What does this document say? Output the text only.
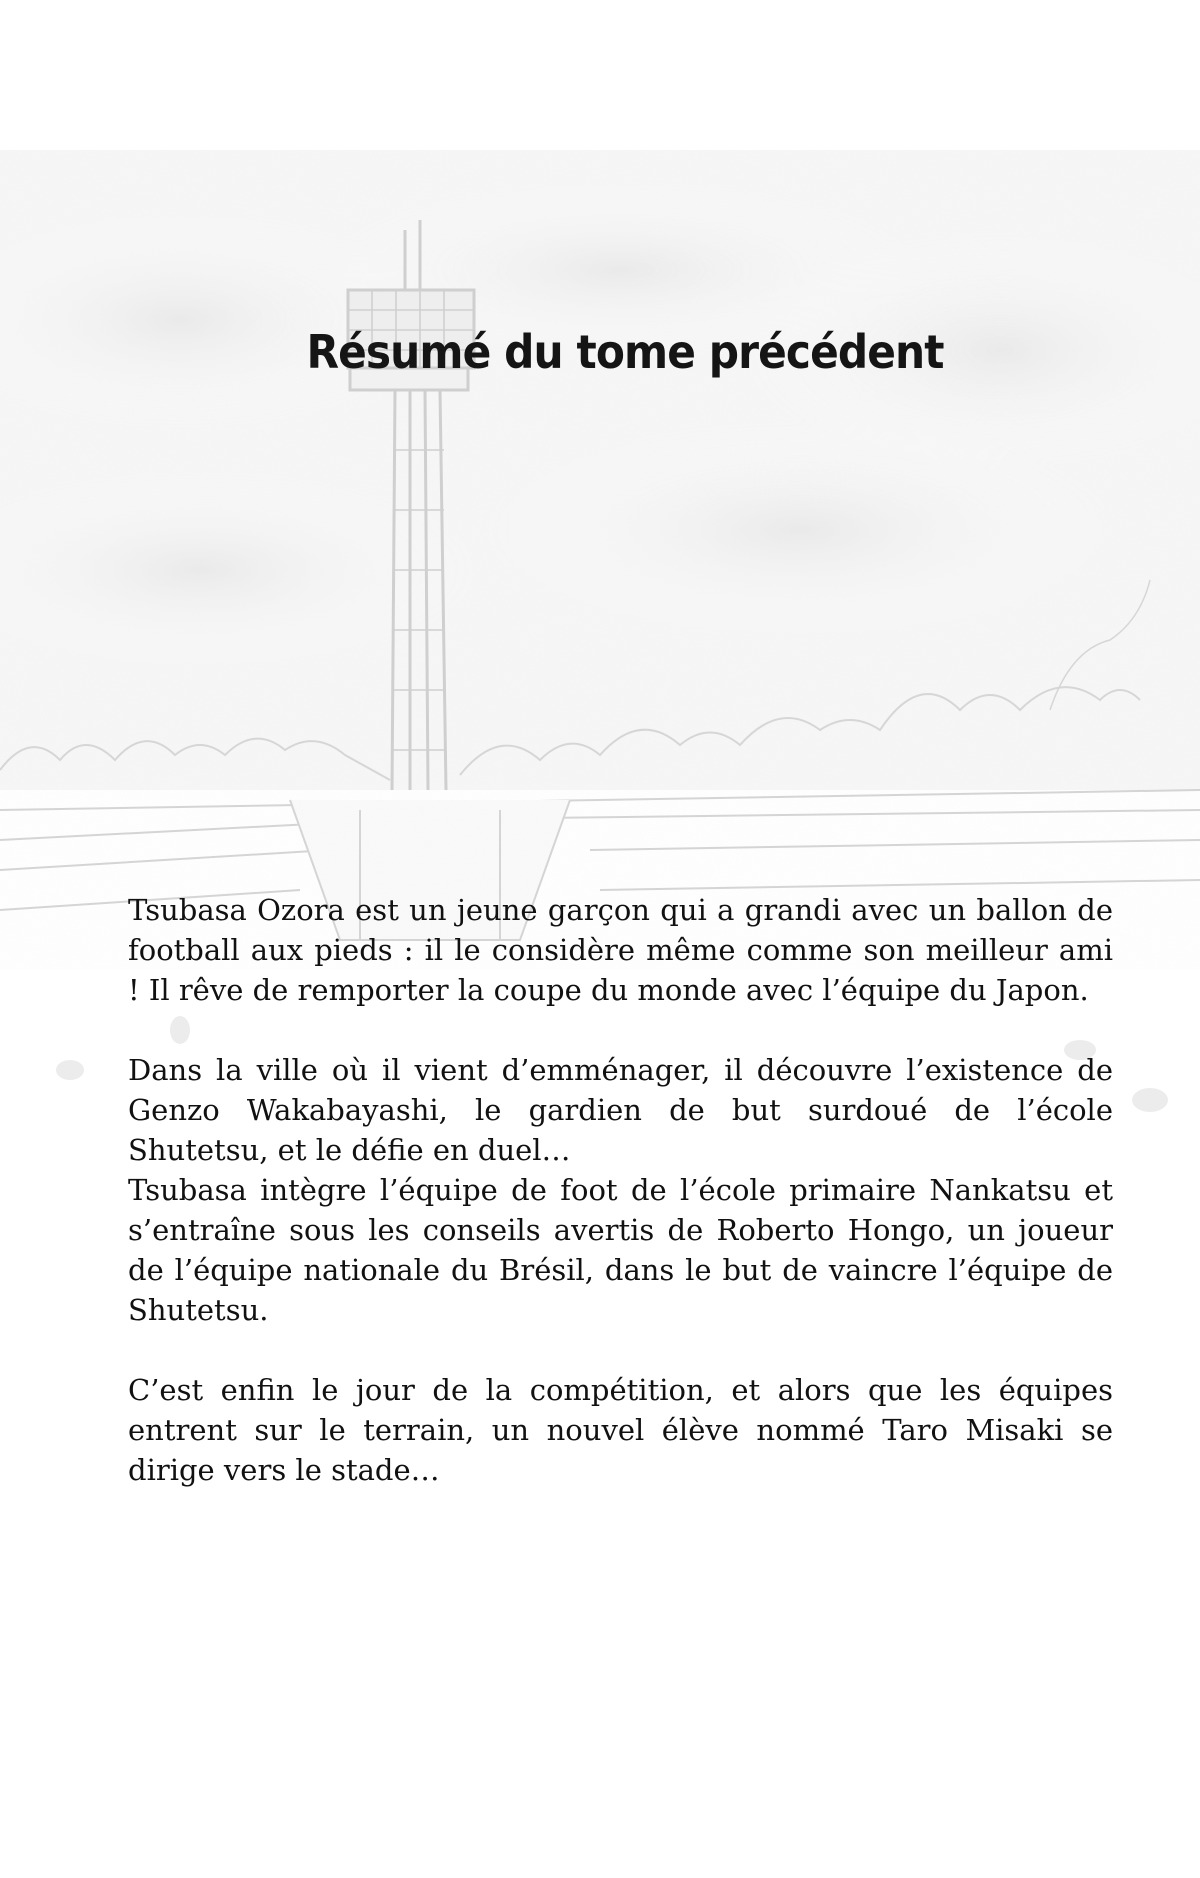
Résumé du tome précédent

Tsubasa Ozora est un jeune garçon qui a grandi avec un ballon de football aux pieds : il le considère même comme son meilleur ami ! Il rêve de remporter la coupe du monde avec l’équipe du Japon.

Dans la ville où il vient d’emménager, il découvre l’existence de Genzo Wakabayashi, le gardien de but surdoué de l’école Shutetsu, et le défie en duel…

Tsubasa intègre l’équipe de foot de l’école primaire Nankatsu et s’entraîne sous les conseils avertis de Roberto Hongo, un joueur de l’équipe nationale du Brésil, dans le but de vaincre l’équipe de Shutetsu.

C’est enfin le jour de la compétition, et alors que les équipes entrent sur le terrain, un nouvel élève nommé Taro Misaki se dirige vers le stade…
